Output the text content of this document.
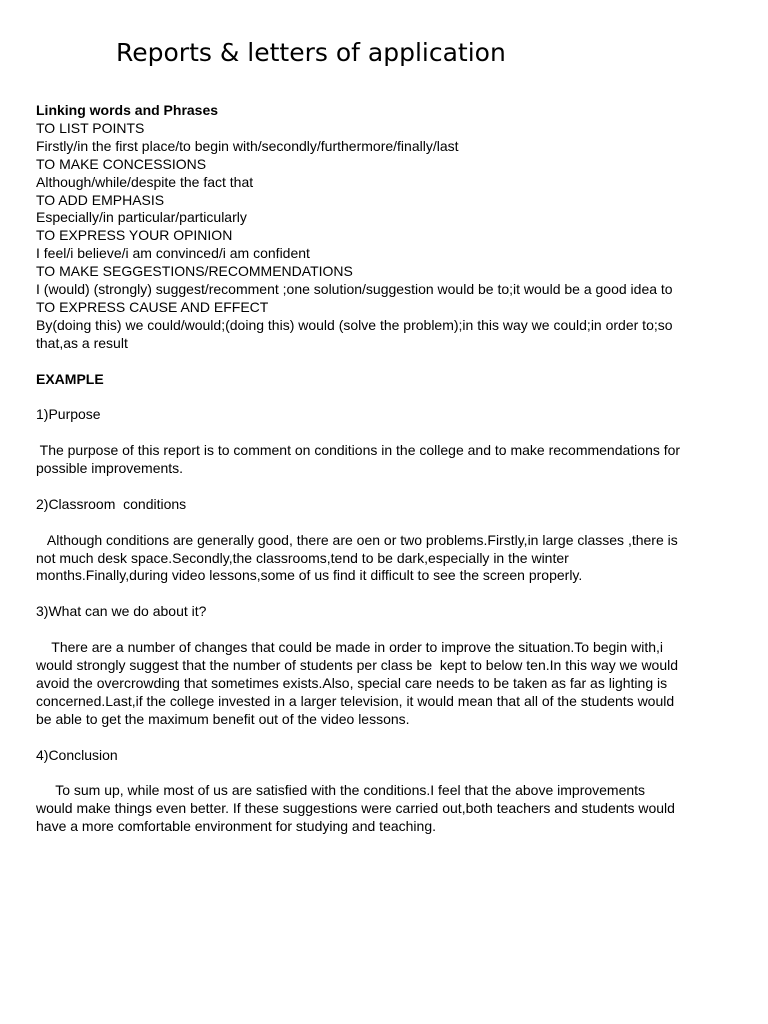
Reports & letters of application
Linking words and Phrases
TO LIST POINTS
Firstly/in the first place/to begin with/secondly/furthermore/finally/last
TO MAKE CONCESSIONS
Although/while/despite the fact that
TO ADD EMPHASIS
Especially/in particular/particularly
TO EXPRESS YOUR OPINION
I feel/i believe/i am convinced/i am confident
TO MAKE SEGGESTIONS/RECOMMENDATIONS
I (would) (strongly) suggest/recomment ;one solution/suggestion would be to;it would be a good idea to
TO EXPRESS CAUSE AND EFFECT
By(doing this) we could/would;(doing this) would (solve the problem);in this way we could;in order to;so
that,as a result
EXAMPLE
1)Purpose
The purpose of this report is to comment on conditions in the college and to make recommendations for
possible improvements.
2)Classroom  conditions
Although conditions are generally good, there are oen or two problems.Firstly,in large classes ,there is
not much desk space.Secondly,the classrooms,tend to be dark,especially in the winter
months.Finally,during video lessons,some of us find it difficult to see the screen properly.
3)What can we do about it?
There are a number of changes that could be made in order to improve the situation.To begin with,i
would strongly suggest that the number of students per class be  kept to below ten.In this way we would
avoid the overcrowding that sometimes exists.Also, special care needs to be taken as far as lighting is
concerned.Last,if the college invested in a larger television, it would mean that all of the students would
be able to get the maximum benefit out of the video lessons.
4)Conclusion
To sum up, while most of us are satisfied with the conditions.I feel that the above improvements
would make things even better. If these suggestions were carried out,both teachers and students would
have a more comfortable environment for studying and teaching.
